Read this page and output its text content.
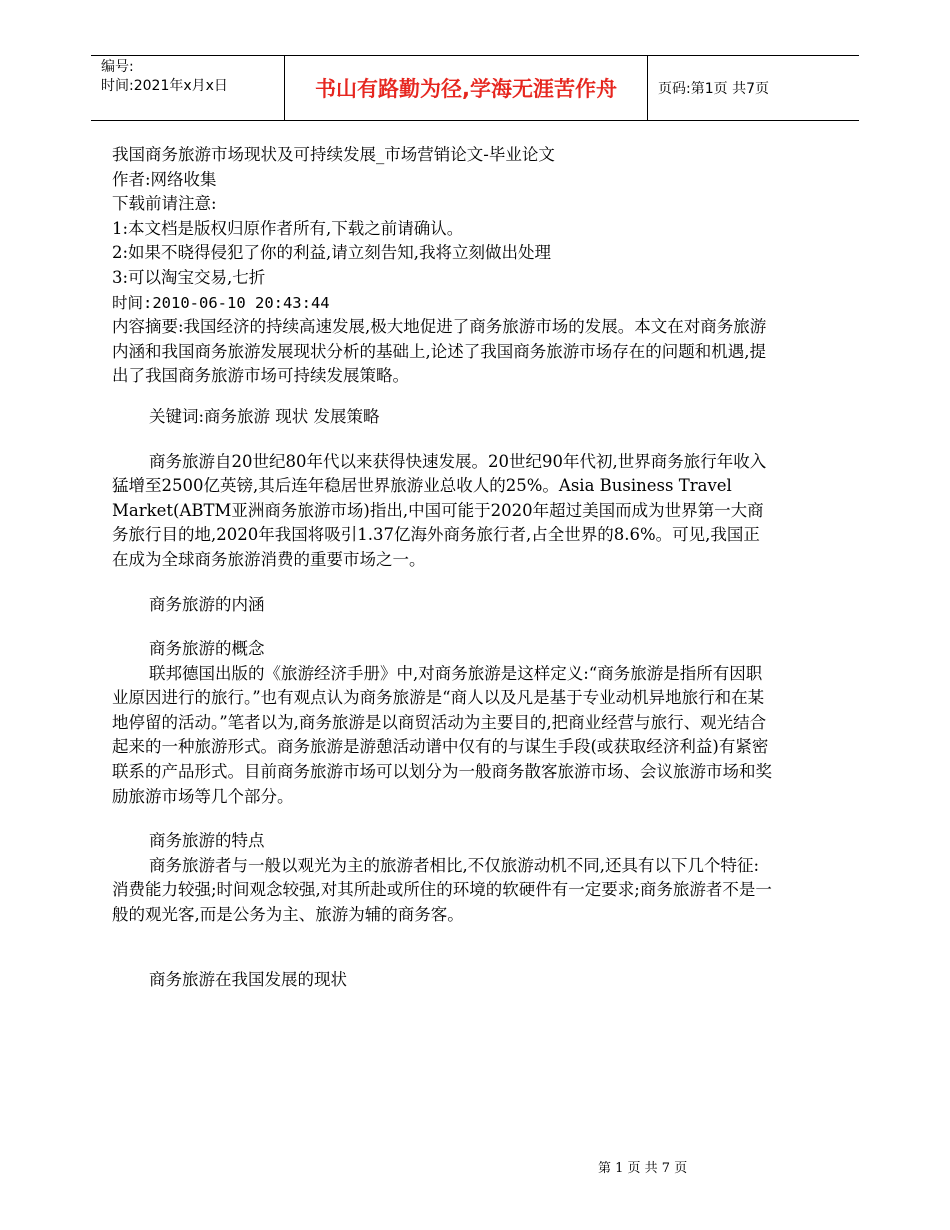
编号:
时间:2021年x月x日	书山有路勤为径,学海无涯苦作舟	页码:第1页 共7页

我国商务旅游市场现状及可持续发展_市场营销论文-毕业论文

作者:网络收集

下载前请注意:

1:本文档是版权归原作者所有,下载之前请确认。

2:如果不晓得侵犯了你的利益,请立刻告知,我将立刻做出处理

3:可以淘宝交易,七折

时间:2010-06-10 20:43:44

内容摘要:我国经济的持续高速发展,极大地促进了商务旅游市场的发展。本文在对商务旅游内涵和我国商务旅游发展现状分析的基础上,论述了我国商务旅游市场存在的问题和机遇,提出了我国商务旅游市场可持续发展策略。

关键词:商务旅游 现状 发展策略

商务旅游自20世纪80年代以来获得快速发展。20世纪90年代初,世界商务旅行年收入猛增至2500亿英镑,其后连年稳居世界旅游业总收人的25%。Asia Business Travel Market(ABTM亚洲商务旅游市场)指出,中国可能于2020年超过美国而成为世界第一大商务旅行目的地,2020年我国将吸引1.37亿海外商务旅行者,占全世界的8.6%。可见,我国正在成为全球商务旅游消费的重要市场之一。

商务旅游的内涵

商务旅游的概念

联邦德国出版的《旅游经济手册》中,对商务旅游是这样定义:“商务旅游是指所有因职业原因进行的旅行。”也有观点认为商务旅游是“商人以及凡是基于专业动机异地旅行和在某地停留的活动。”笔者以为,商务旅游是以商贸活动为主要目的,把商业经营与旅行、观光结合起来的一种旅游形式。商务旅游是游憩活动谱中仅有的与谋生手段(或获取经济利益)有紧密联系的产品形式。目前商务旅游市场可以划分为一般商务散客旅游市场、会议旅游市场和奖励旅游市场等几个部分。

商务旅游的特点

商务旅游者与一般以观光为主的旅游者相比,不仅旅游动机不同,还具有以下几个特征:消费能力较强;时间观念较强,对其所赴或所住的环境的软硬件有一定要求;商务旅游者不是一般的观光客,而是公务为主、旅游为辅的商务客。

商务旅游在我国发展的现状

第 1 页 共 7 页
